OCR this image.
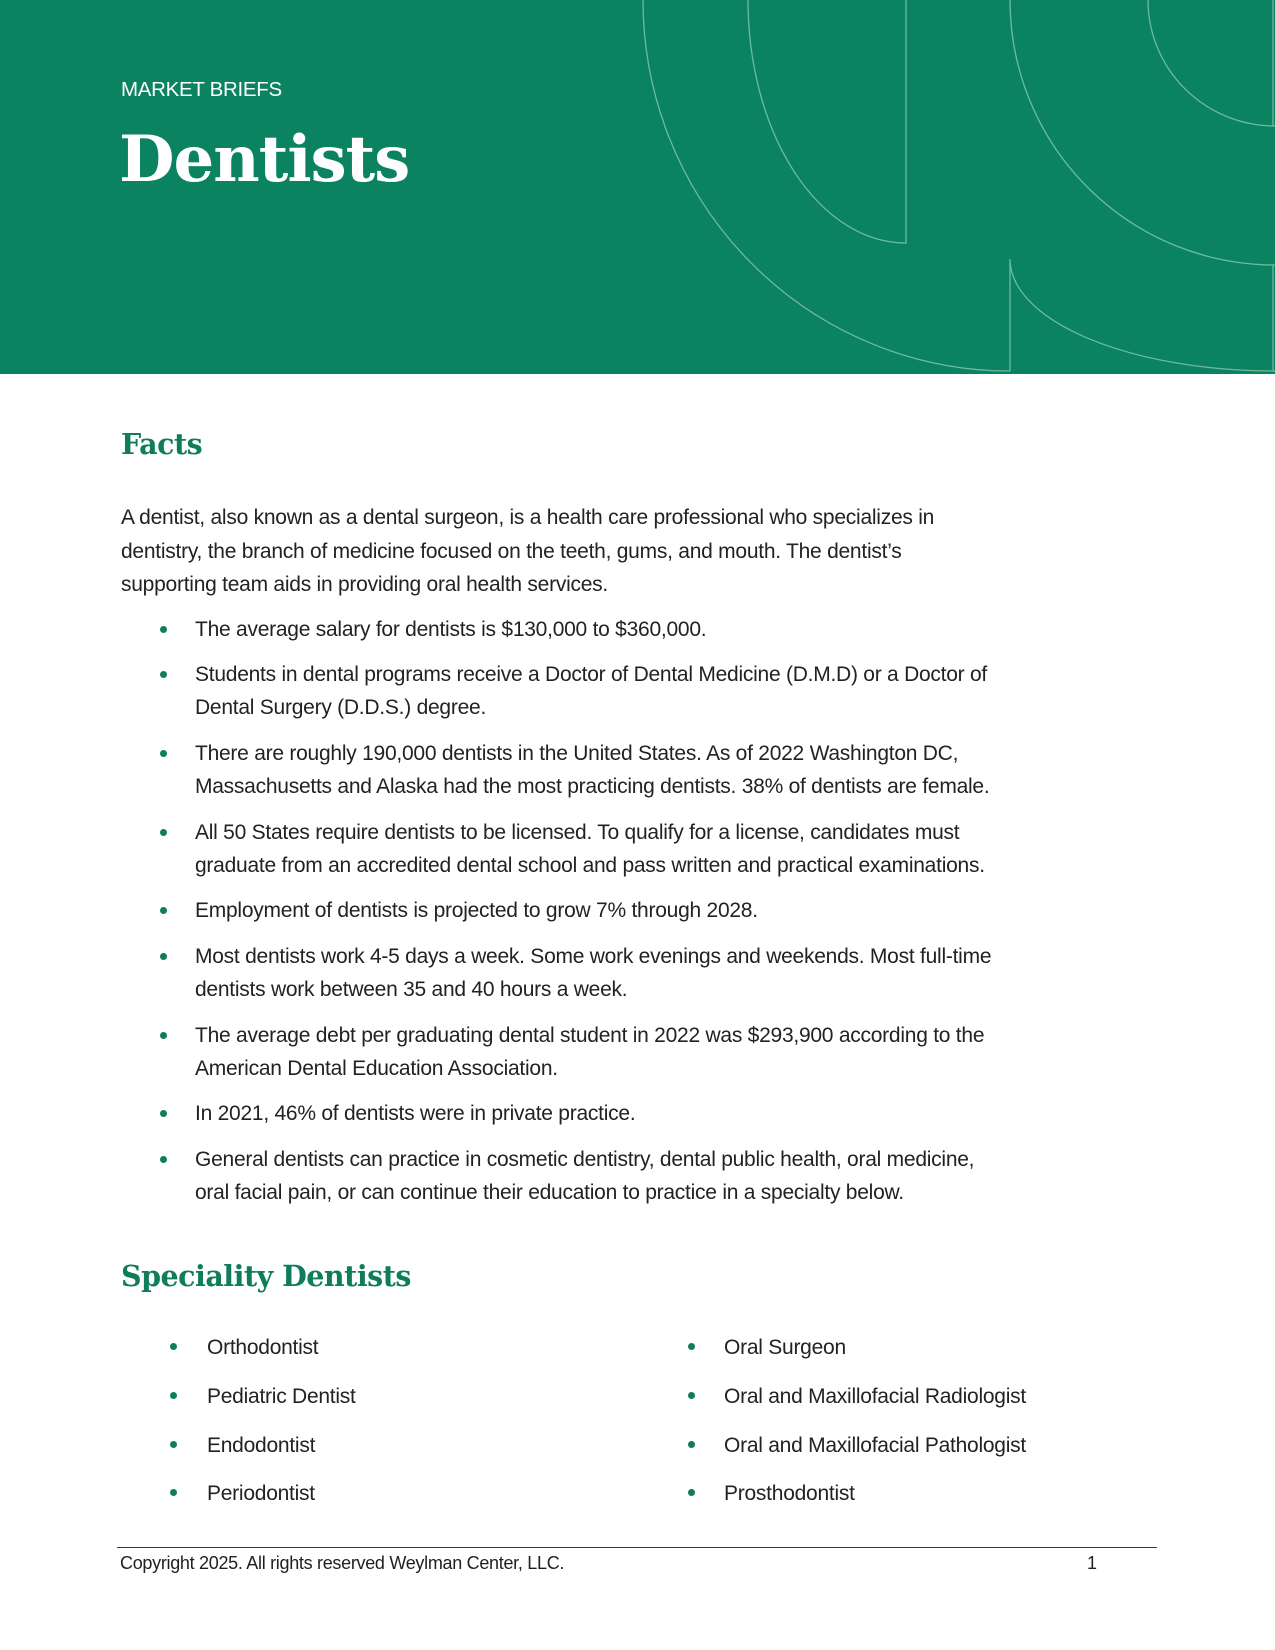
MARKET BRIEFS
Dentists
Facts
A dentist, also known as a dental surgeon, is a health care professional who specializes in
dentistry, the branch of medicine focused on the teeth, gums, and mouth. The dentist’s
supporting team aids in providing oral health services.
The average salary for dentists is $130,000 to $360,000.
Students in dental programs receive a Doctor of Dental Medicine (D.M.D) or a Doctor of
Dental Surgery (D.D.S.) degree.
There are roughly 190,000 dentists in the United States. As of 2022 Washington DC,
Massachusetts and Alaska had the most practicing dentists. 38% of dentists are female.
All 50 States require dentists to be licensed. To qualify for a license, candidates must
graduate from an accredited dental school and pass written and practical examinations.
Employment of dentists is projected to grow 7% through 2028.
Most dentists work 4-5 days a week. Some work evenings and weekends. Most full-time
dentists work between 35 and 40 hours a week.
The average debt per graduating dental student in 2022 was $293,900 according to the
American Dental Education Association.
In 2021, 46% of dentists were in private practice.
General dentists can practice in cosmetic dentistry, dental public health, oral medicine,
oral facial pain, or can continue their education to practice in a specialty below.
Speciality Dentists
Orthodontist
Pediatric Dentist
Endodontist
Periodontist
Oral Surgeon
Oral and Maxillofacial Radiologist
Oral and Maxillofacial Pathologist
Prosthodontist
Copyright 2025. All rights reserved Weylman Center, LLC.	1
